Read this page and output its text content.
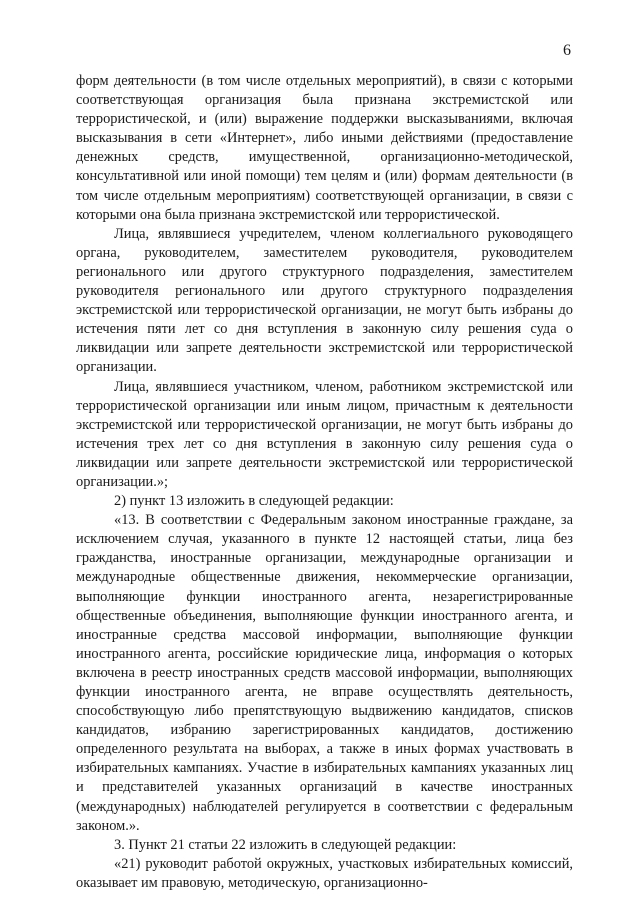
6

форм деятельности (в том числе отдельных мероприятий), в связи с которыми соответствующая организация была признана экстремистской или террористической, и (или) выражение поддержки высказываниями, включая высказывания в сети «Интернет», либо иными действиями (предоставление денежных средств, имущественной, организационно-методической, консультативной или иной помощи) тем целям и (или) формам деятельности (в том числе отдельным мероприятиям) соответствующей организации, в связи с которыми она была признана экстремистской или террористической.

Лица, являвшиеся учредителем, членом коллегиального руководящего органа, руководителем, заместителем руководителя, руководителем регионального или другого структурного подразделения, заместителем руководителя регионального или другого структурного подразделения экстремистской или террористической организации, не могут быть избраны до истечения пяти лет со дня вступления в законную силу решения суда о ликвидации или запрете деятельности экстремистской или террористической организации.

Лица, являвшиеся участником, членом, работником экстремистской или террористической организации или иным лицом, причастным к деятельности экстремистской или террористической организации, не могут быть избраны до истечения трех лет со дня вступления в законную силу решения суда о ликвидации или запрете деятельности экстремистской или террористической организации.»;

2) пункт 13 изложить в следующей редакции:

«13. В соответствии с Федеральным законом иностранные граждане, за исключением случая, указанного в пункте 12 настоящей статьи, лица без гражданства, иностранные организации, международные организации и международные общественные движения, некоммерческие организации, выполняющие функции иностранного агента, незарегистрированные общественные объединения, выполняющие функции иностранного агента, и иностранные средства массовой информации, выполняющие функции иностранного агента, российские юридические лица, информация о которых включена в реестр иностранных средств массовой информации, выполняющих функции иностранного агента, не вправе осуществлять деятельность, способствующую либо препятствующую выдвижению кандидатов, списков кандидатов, избранию зарегистрированных кандидатов, достижению определенного результата на выборах, а также в иных формах участвовать в избирательных кампаниях. Участие в избирательных кампаниях указанных лиц и представителей указанных организаций в качестве иностранных (международных) наблюдателей регулируется в соответствии с федеральным законом.».

3. Пункт 21 статьи 22 изложить в следующей редакции:

«21) руководит работой окружных, участковых избирательных комиссий, оказывает им правовую, методическую, организационно-
